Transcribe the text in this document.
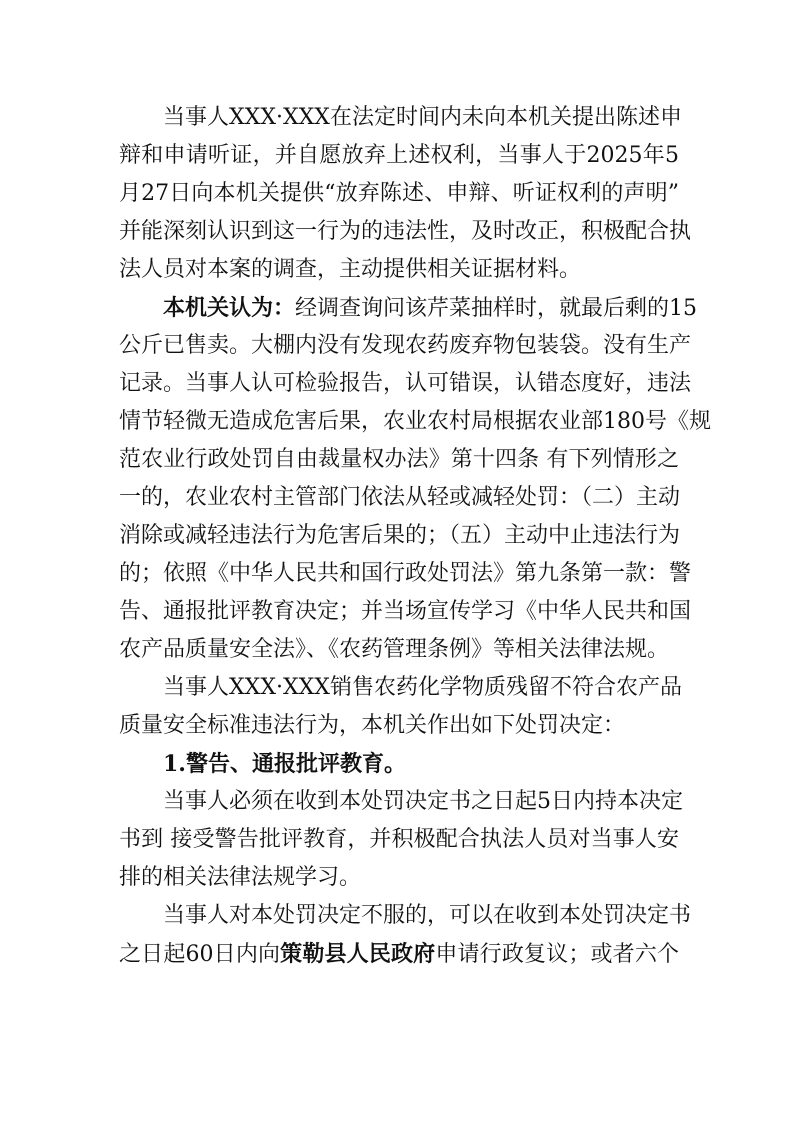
　　当事人XXX·XXX在法定时间内未向本机关提出陈述申
辩和申请听证，并自愿放弃上述权利，当事人于2025年5
月27日向本机关提供“放弃陈述、申辩、听证权利的声明”
并能深刻认识到这一行为的违法性，及时改正，积极配合执
法人员对本案的调查，主动提供相关证据材料。
　　本机关认为：经调查询问该芹菜抽样时，就最后剩的15
公斤已售卖。大棚内没有发现农药废弃物包装袋。没有生产
记录。当事人认可检验报告，认可错误，认错态度好，违法
情节轻微无造成危害后果，农业农村局根据农业部180号《规
范农业行政处罚自由裁量权办法》第十四条 有下列情形之
一的，农业农村主管部门依法从轻或减轻处罚：（二）主动
消除或减轻违法行为危害后果的；（五）主动中止违法行为
的；依照《中华人民共和国行政处罚法》第九条第一款：警
告、通报批评教育决定；并当场宣传学习《中华人民共和国
农产品质量安全法》、《农药管理条例》等相关法律法规。
　　当事人XXX·XXX销售农药化学物质残留不符合农产品
质量安全标准违法行为，本机关作出如下处罚决定：
　　1.警告、通报批评教育。
　　当事人必须在收到本处罚决定书之日起5日内持本决定
书到 接受警告批评教育，并积极配合执法人员对当事人安
排的相关法律法规学习。
　　当事人对本处罚决定不服的，可以在收到本处罚决定书
之日起60日内向策勒县人民政府申请行政复议；或者六个
